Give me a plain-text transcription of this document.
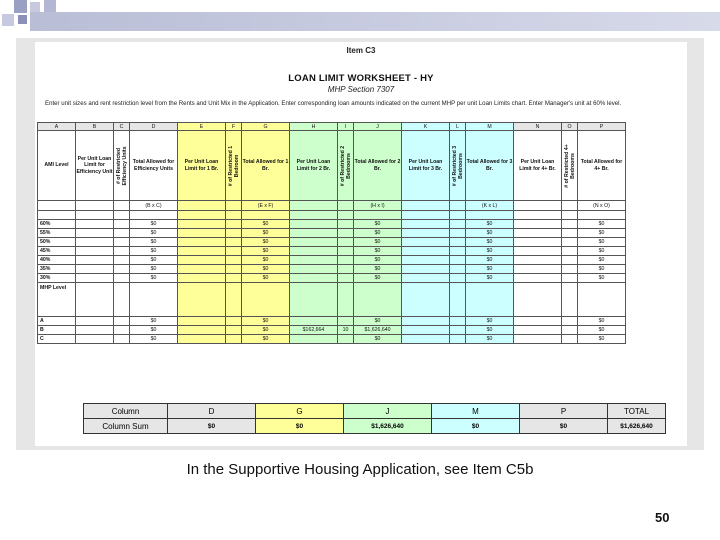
Item C3
LOAN LIMIT WORKSHEET - HY
MHP Section 7307
Enter unit sizes and rent restriction level from the Rents and Unit Mix in the Application. Enter corresponding loan amounts indicated on the current MHP per unit Loan Limits chart. Enter Manager's unit at 60% level.
A	B	C	D	E	F	G	H	I	J	K	L	M	N	O	P
AMI Level	Per Unit Loan Limit for Efficiency Unit	# of Restricted Efficiency Units	Total Allowed for Efficiency Units	Per Unit Loan Limit for 1 Br.	# of Restricted 1 Bedroom	Total Allowed for 1 Br.	Per Unit Loan Limit for 2 Br.	# of Restricted 2 Bedrooms	Total Allowed for 2 Br.	Per Unit Loan Limit for 3 Br.	# of Restricted 3 Bedrooms	Total Allowed for 3 Br.	Per Unit Loan Limit for 4+ Br.	# of Restricted 4+ Bedrooms	Total Allowed for 4+ Br.
			(B x C)			(E x F)			(H x I)			(K x L)			(N x O)

60%			$0			$0			$0			$0			$0
55%			$0			$0			$0			$0			$0
50%			$0			$0			$0			$0			$0
45%			$0			$0			$0			$0			$0
40%			$0			$0			$0			$0			$0
35%			$0			$0			$0			$0			$0
30%			$0			$0			$0			$0			$0
MHP Level															
A			$0			$0			$0			$0			$0
B			$0			$0	$162,664	10	$1,626,640			$0			$0
C			$0			$0			$0			$0			$0
Column	D	G	J	M	P	TOTAL
Column Sum	$0	$0	$1,626,640	$0	$0	$1,626,640
In the Supportive Housing Application, see Item C5b
50
